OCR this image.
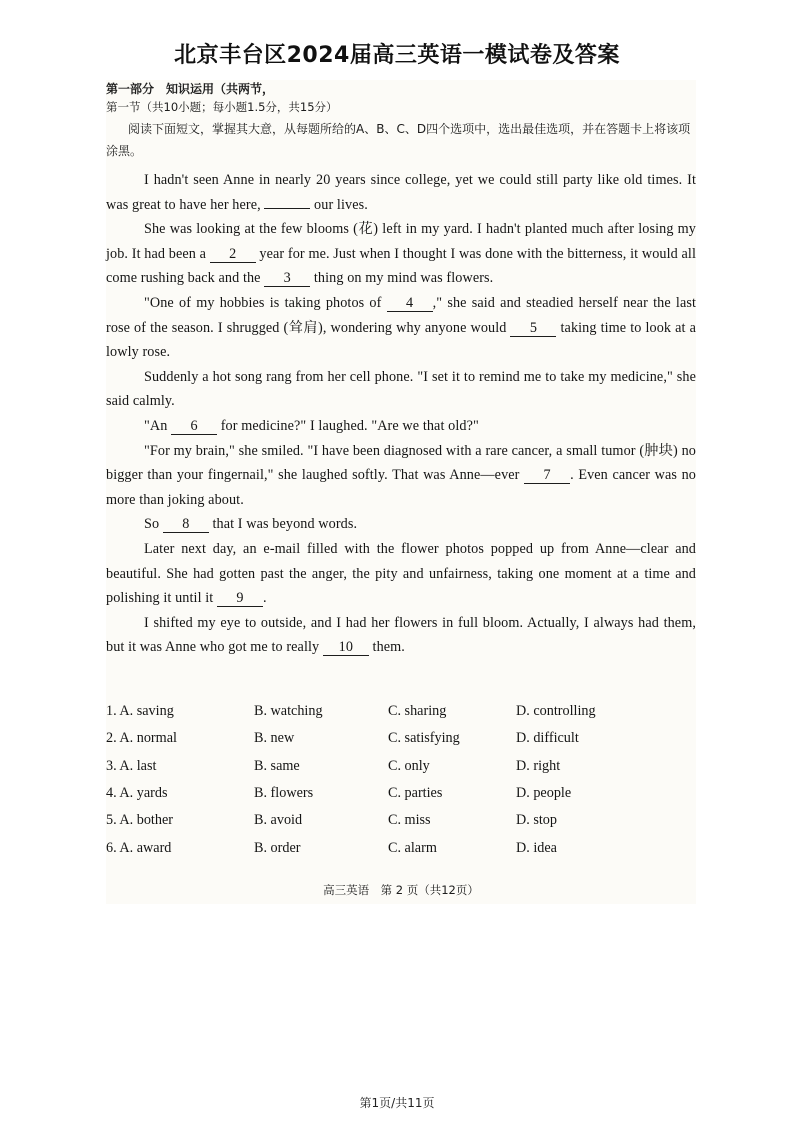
北京丰台区2024届高三英语一模试卷及答案

第一部分　知识运用（共两节，

第一节（共10小题；每小题1.5分，共15分）

阅读下面短文，掌握其大意，从每题所给的A、B、C、D四个选项中，选出最佳选项，并在答题卡上将该项涂黑。

I hadn't seen Anne in nearly 20 years since college, yet we could still party like old times. It was great to have her here,	our lives.

She was looking at the few blooms (花) left in my yard. I hadn't planted much after losing my job. It had been a 2 year for me. Just when I thought I was done with the bitterness, it would all come rushing back and the 3 thing on my mind was flowers.

"One of my hobbies is taking photos of 4 ," she said and steadied herself near the last rose of the season. I shrugged (耸肩), wondering why anyone would 5 taking time to look at a lowly rose.

Suddenly a hot song rang from her cell phone. "I set it to remind me to take my medicine," she said calmly.

"An 6 for medicine?" I laughed. "Are we that old?"

"For my brain," she smiled. "I have been diagnosed with a rare cancer, a small tumor (肿块) no bigger than your fingernail," she laughed softly. That was Anne—ever 7 . Even cancer was no more than joking about.

So 8 that I was beyond words.

Later next day, an e-mail filled with the flower photos popped up from Anne—clear and beautiful. She had gotten past the anger, the pity and unfairness, taking one moment at a time and polishing it until it 9 .

I shifted my eye to outside, and I had her flowers in full bloom. Actually, I always had them, but it was Anne who got me to really 10 them.

1. A. saving	B. watching	C. sharing	D. controlling
2. A. normal	B. new	C. satisfying	D. difficult
3. A. last	B. same	C. only	D. right
4. A. yards	B. flowers	C. parties	D. people
5. A. bother	B. avoid	C. miss	D. stop
6. A. award	B. order	C. alarm	D. idea
高三英语　第 2 页（共12页）
第1页/共11页
